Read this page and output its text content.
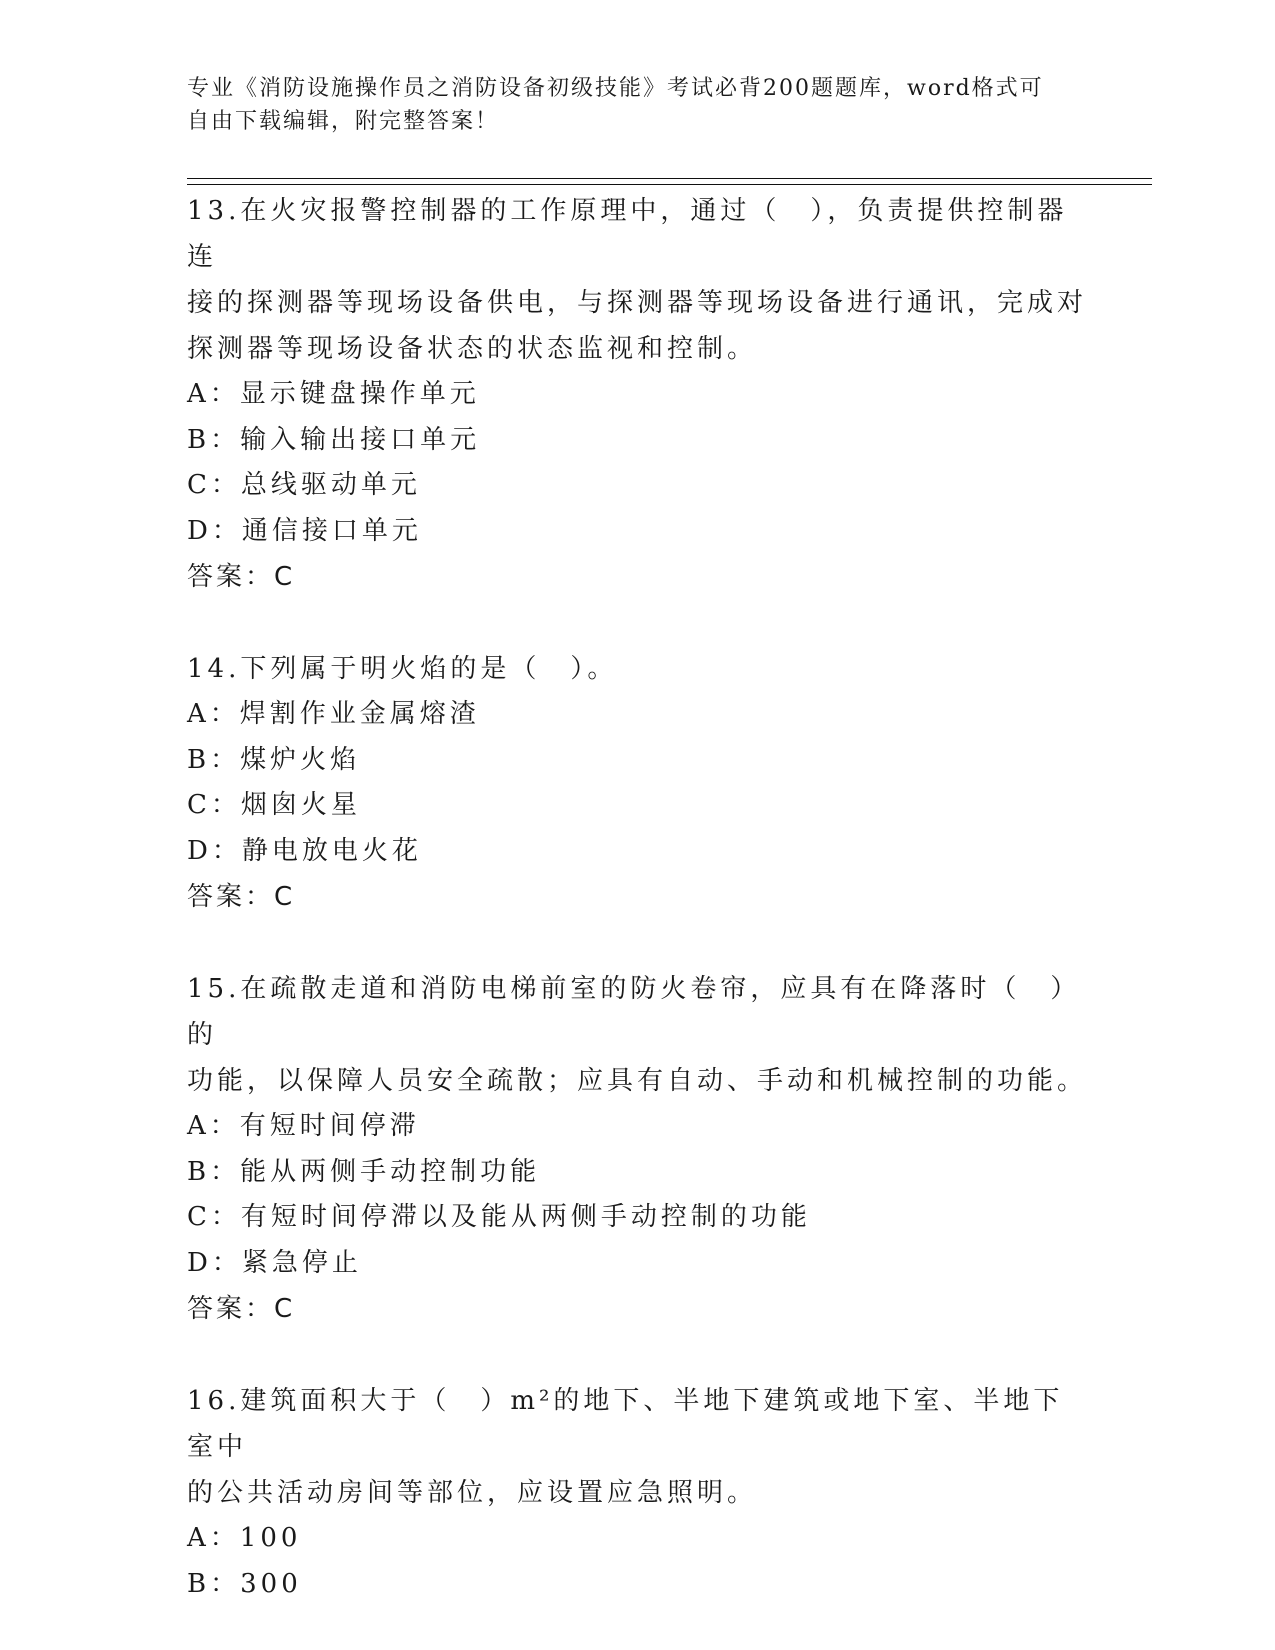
专业《消防设施操作员之消防设备初级技能》考试必背200题题库，word格式可
自由下载编辑，附完整答案！

13.在火灾报警控制器的工作原理中，通过（　），负责提供控制器连

接的探测器等现场设备供电，与探测器等现场设备进行通讯，完成对

探测器等现场设备状态的状态监视和控制。

A：显示键盘操作单元

B：输入输出接口单元

C：总线驱动单元

D：通信接口单元

答案：C

14.下列属于明火焰的是（　）。

A：焊割作业金属熔渣

B：煤炉火焰

C：烟囱火星

D：静电放电火花

答案：C

15.在疏散走道和消防电梯前室的防火卷帘，应具有在降落时（　）的

功能，以保障人员安全疏散；应具有自动、手动和机械控制的功能。

A：有短时间停滞

B：能从两侧手动控制功能

C：有短时间停滞以及能从两侧手动控制的功能

D：紧急停止

答案：C

16.建筑面积大于（　）m²的地下、半地下建筑或地下室、半地下室中

的公共活动房间等部位，应设置应急照明。

A：100

B：300
